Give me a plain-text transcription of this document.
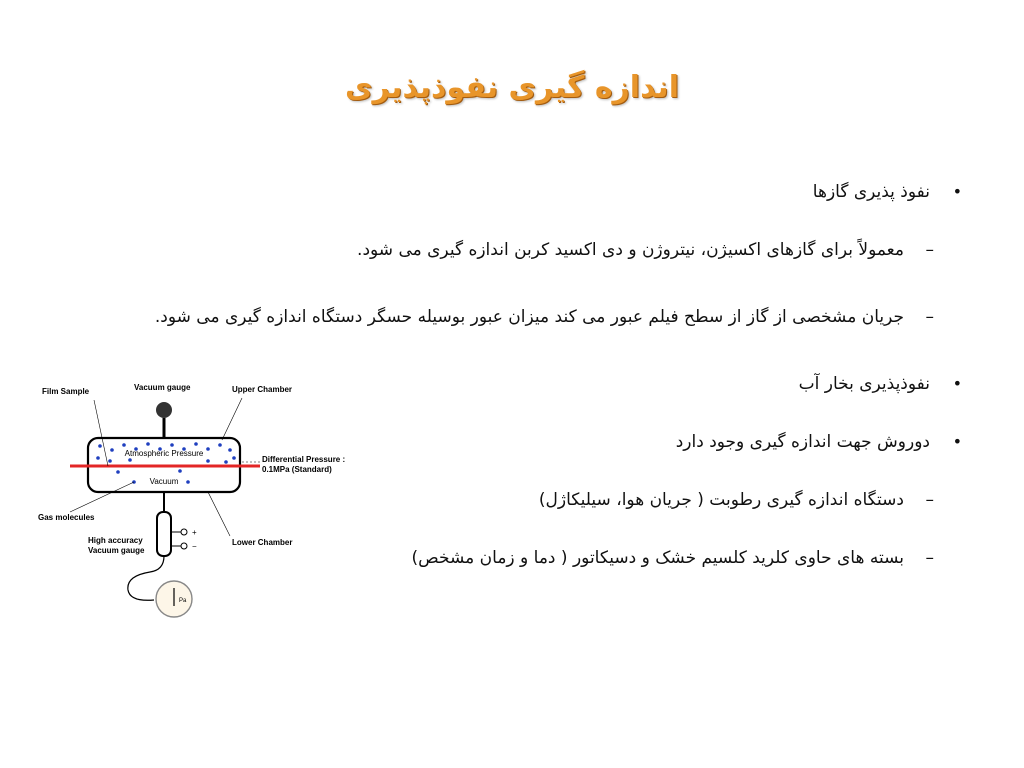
اندازه گیری نفوذپذیری
•
نفوذ پذیری گازها
–
معمولاً برای گازهای اکسیژن، نیتروژن و دی اکسید کربن اندازه گیری می شود.
–
جریان مشخصی از گاز از سطح فیلم عبور می کند میزان عبور بوسیله حسگر دستگاه اندازه گیری می شود.
•
نفوذپذیری بخار آب
•
دوروش جهت اندازه گیری وجود دارد
–
دستگاه اندازه گیری رطوبت ( جریان هوا، سیلیکاژل)
–
بسته های حاوی کلرید کلسیم خشک و دسیکاتور ( دما و زمان مشخص)
Atmospheric Pressure
Vacuum
Film Sample	Vacuum gauge	Upper Chamber
Differential Pressure :
0.1MPa (Standard)
Gas molecules
Lower Chamber
+
−
High accuracy
Vacuum gauge
Pa
